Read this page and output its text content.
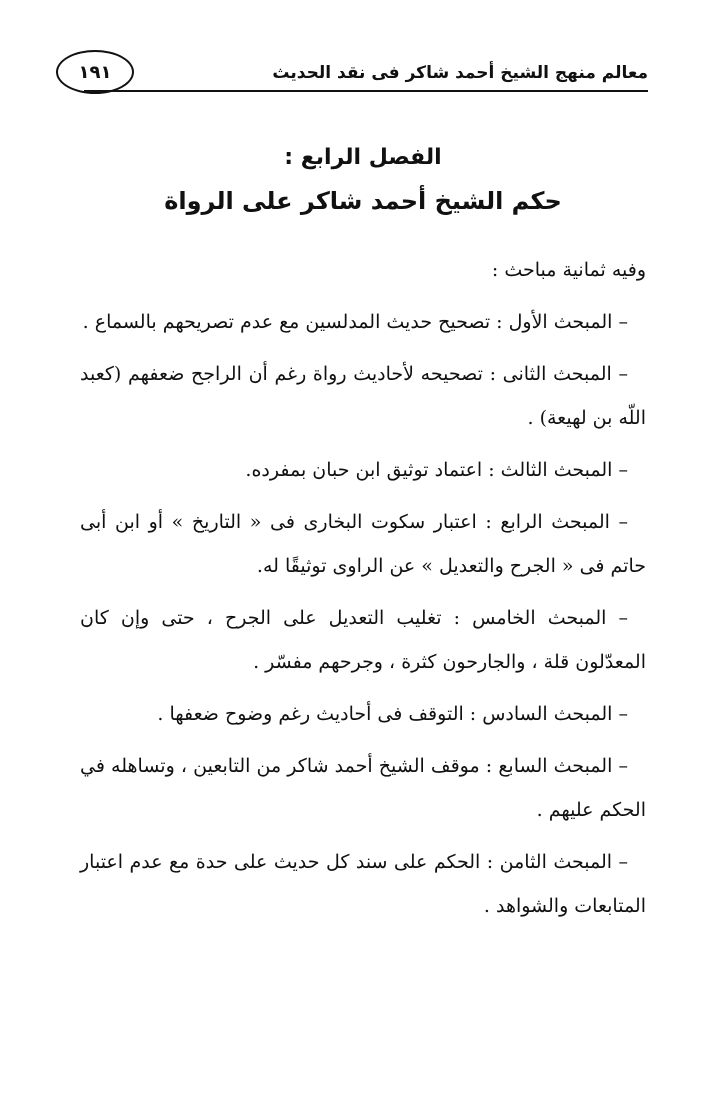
معالم منهج الشيخ أحمد شاكر فى نقد الحديث
١٩١
الفصل الرابع :
حكم الشيخ أحمد شاكر على الرواة

وفيه ثمانية مباحث :

– المبحث الأول : تصحيح حديث المدلسين مع عدم تصريحهم بالسماع .
– المبحث الثانى : تصحيحه لأحاديث رواة رغم أن الراجح ضعفهم (كعبد اللّه بن لهيعة) .
– المبحث الثالث : اعتماد توثيق ابن حبان بمفرده.
– المبحث الرابع : اعتبار سكوت البخارى فى « التاريخ » أو ابن أبى حاتم فى « الجرح والتعديل » عن الراوى توثيقًا له.
– المبحث الخامس : تغليب التعديل على الجرح ، حتى وإن كان المعدّلون قلة ، والجارحون كثرة ، وجرحهم مفسّر .
– المبحث السادس : التوقف فى أحاديث رغم وضوح ضعفها .
– المبحث السابع : موقف الشيخ أحمد شاكر من التابعين ، وتساهله في الحكم عليهم .
– المبحث الثامن : الحكم على سند كل حديث على حدة مع عدم اعتبار المتابعات والشواهد .
